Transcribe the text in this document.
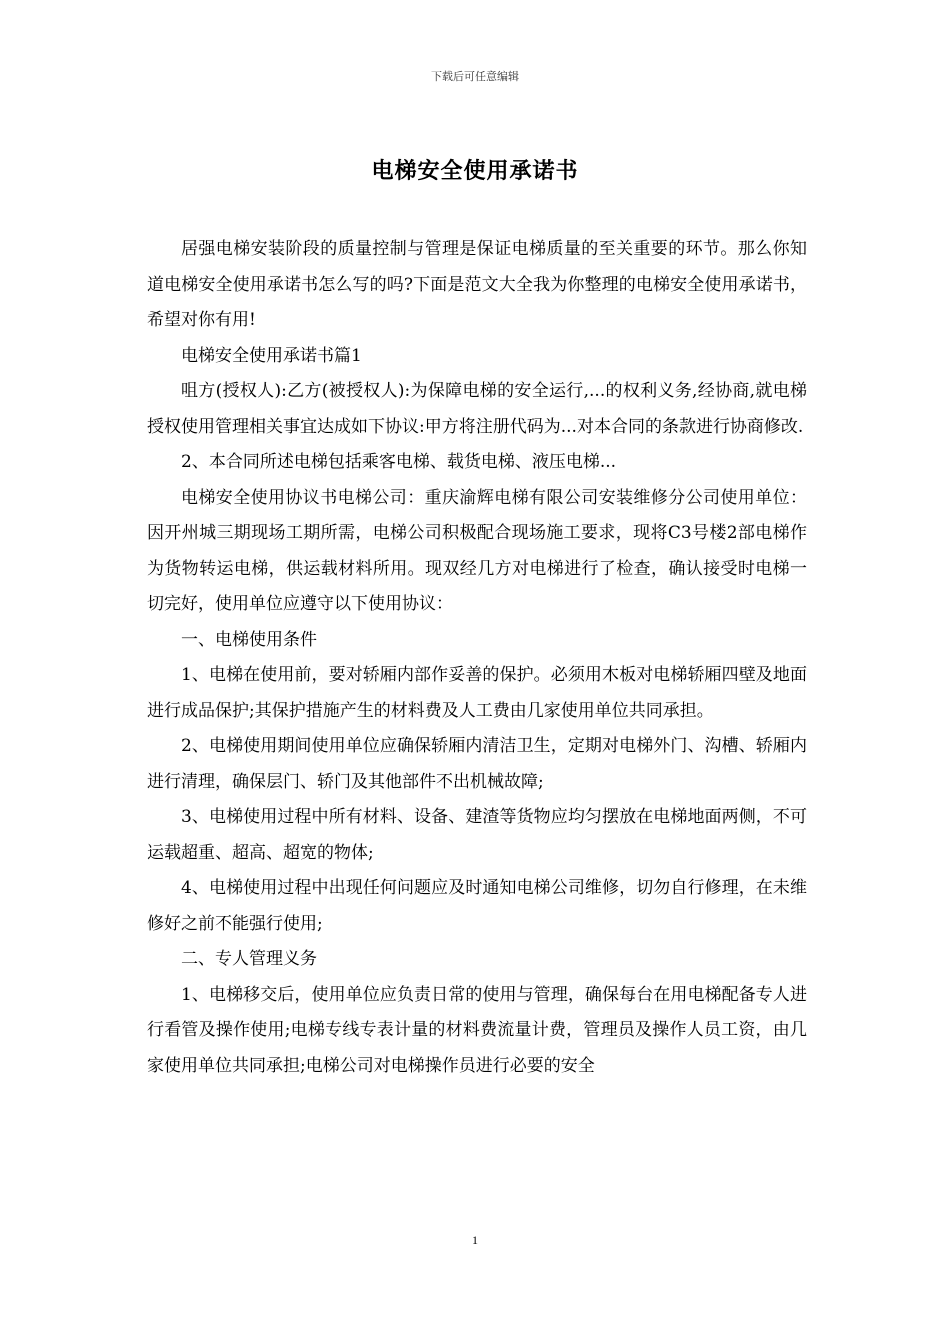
下载后可任意编辑
电梯安全使用承诺书

居强电梯安装阶段的质量控制与管理是保证电梯质量的至关重要的环节。那么你知道电梯安全使用承诺书怎么写的吗?下面是范文大全我为你整理的电梯安全使用承诺书，希望对你有用!

电梯安全使用承诺书篇1

咀方(授权人):乙方(被授权人):为保障电梯的安全运行,...的权利义务,经协商,就电梯授权使用管理相关事宜达成如下协议:甲方将注册代码为...对本合同的条款进行协商修改.

2、本合同所述电梯包括乘客电梯、载货电梯、液压电梯...

电梯安全使用协议书电梯公司：重庆渝辉电梯有限公司安装维修分公司使用单位：因开州城三期现场工期所需，电梯公司积极配合现场施工要求，现将C3号楼2部电梯作为货物转运电梯，供运载材料所用。现双经几方对电梯进行了检查，确认接受时电梯一切完好，使用单位应遵守以下使用协议：

一、电梯使用条件

1、电梯在使用前，要对轿厢内部作妥善的保护。必须用木板对电梯轿厢四壁及地面进行成品保护;其保护措施产生的材料费及人工费由几家使用单位共同承担。

2、电梯使用期间使用单位应确保轿厢内清洁卫生，定期对电梯外门、沟槽、轿厢内进行清理，确保层门、轿门及其他部件不出机械故障;

3、电梯使用过程中所有材料、设备、建渣等货物应均匀摆放在电梯地面两侧，不可运载超重、超高、超宽的物体;

4、电梯使用过程中出现任何问题应及时通知电梯公司维修，切勿自行修理，在未维修好之前不能强行使用;

二、专人管理义务

1、电梯移交后，使用单位应负责日常的使用与管理，确保每台在用电梯配备专人进行看管及操作使用;电梯专线专表计量的材料费流量计费，管理员及操作人员工资，由几家使用单位共同承担;电梯公司对电梯操作员进行必要的安全

1
